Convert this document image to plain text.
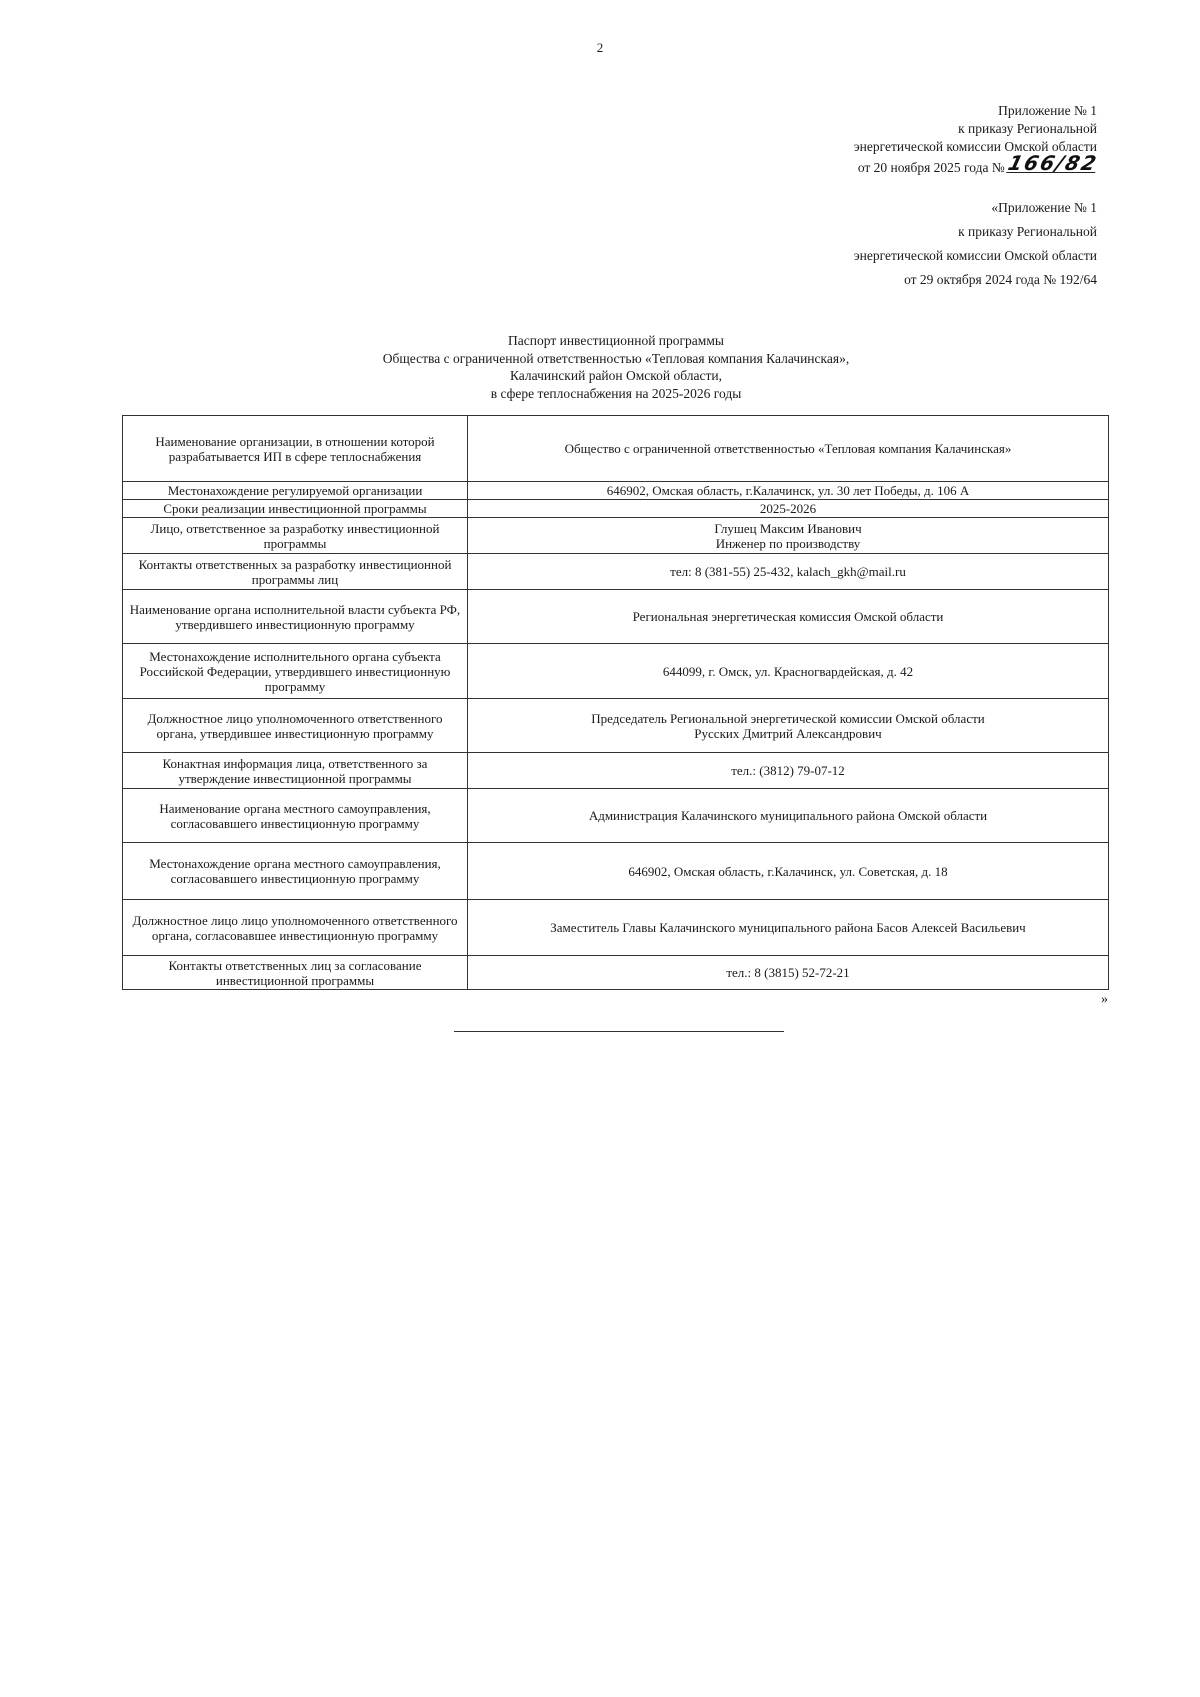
2
Приложение № 1
к приказу Региональной
энергетической комиссии Омской области
от 20 ноября 2025 года № 166/82
«Приложение № 1
к приказу Региональной
энергетической комиссии Омской области
от 29 октября 2024 года № 192/64
Паспорт инвестиционной программы
Общества с ограниченной ответственностью «Тепловая компания Калачинская»,
Калачинский район Омской области,
в сфере теплоснабжения на 2025-2026 годы
Наименование организации, в отношении которой разрабатывается ИП в сфере теплоснабжения	Общество с ограниченной ответственностью «Тепловая компания Калачинская»
Местонахождение регулируемой организации	646902, Омская область, г.Калачинск, ул. 30 лет Победы, д. 106 А
Сроки реализации инвестиционной программы	2025-2026
Лицо, ответственное за разработку инвестиционной программы	Глушец Максим Иванович
Инженер по производству

Контакты ответственных за разработку инвестиционной программы лиц	тел: 8 (381-55) 25-432, kalach_gkh@mail.ru
Наименование органа исполнительной власти субъекта РФ, утвердившего инвестиционную программу	Региональная энергетическая комиссия Омской области
Местонахождение исполнительного органа субъекта Российской Федерации, утвердившего инвестиционную программу	644099, г. Омск, ул. Красногвардейская, д. 42
Должностное лицо уполномоченного ответственного органа, утвердившее инвестиционную программу	Председатель Региональной энергетической комиссии Омской области
Русских Дмитрий Александрович

Конактная информация лица, ответственного за утверждение инвестиционной программы	тел.: (3812) 79-07-12
Наименование органа местного самоуправления, согласовавшего инвестиционную программу	Администрация Калачинского муниципального района Омской области
Местонахождение органа местного самоуправления, согласовавшего инвестиционную программу	646902, Омская область, г.Калачинск, ул. Советская, д. 18
Должностное лицо лицо уполномоченного ответственного органа, согласовавшее инвестиционную программу	Заместитель Главы Калачинского муниципального района Басов Алексей Васильевич
Контакты ответственных лиц за согласование инвестиционной программы	тел.: 8 (3815) 52-72-21
»
